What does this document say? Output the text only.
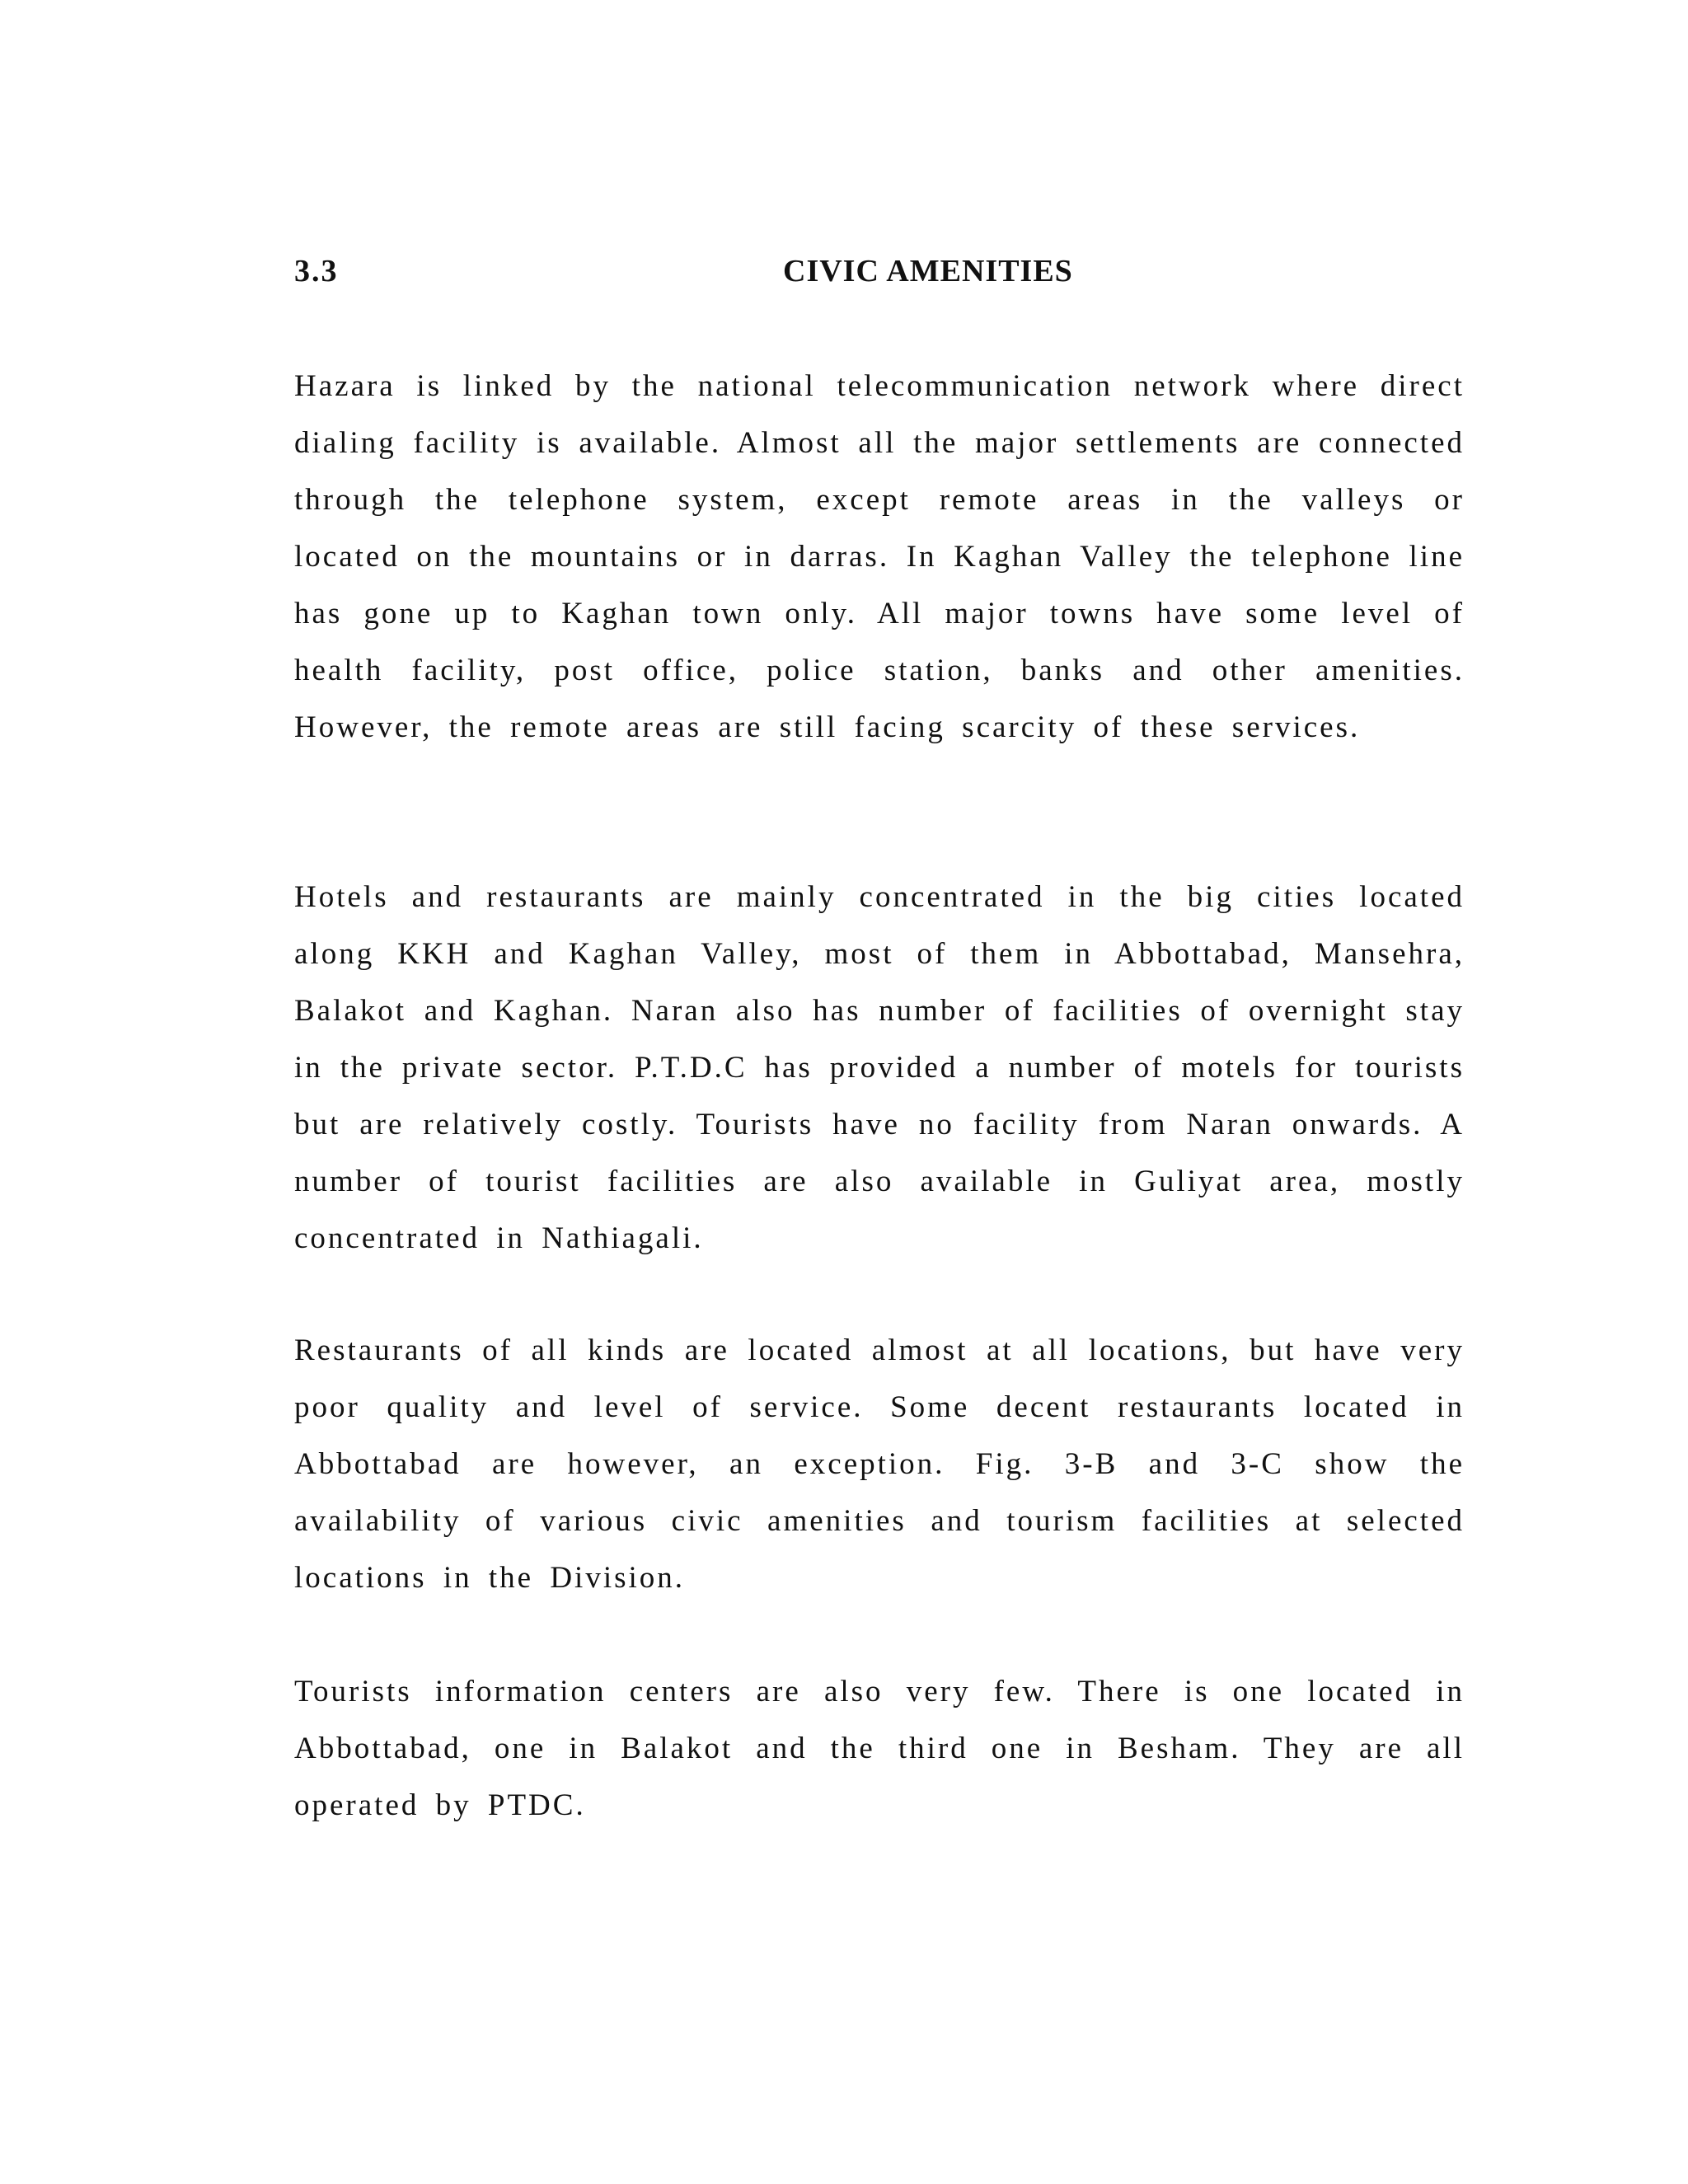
3.3	CIVIC AMENITIES

Hazara is linked by the national telecommunication network where direct dialing facility is available. Almost all the major settlements are connected through the telephone system, except remote areas in the valleys or located on the mountains or in darras. In Kaghan Valley the telephone line has gone up to Kaghan town only. All major towns have some level of health facility, post office, police station, banks and other amenities. However, the remote areas are still facing scarcity of these services.

Hotels and restaurants are mainly concentrated in the big cities located along KKH and Kaghan Valley, most of them in Abbottabad, Mansehra, Balakot and Kaghan. Naran also has number of facilities of overnight stay in the private sector. P.T.D.C has provided a number of motels for tourists but are relatively costly. Tourists have no facility from Naran onwards. A number of tourist facilities are also available in Guliyat area, mostly concentrated in Nathiagali.

Restaurants of all kinds are located almost at all locations, but have very poor quality and level of service. Some decent restaurants located in Abbottabad are however, an exception. Fig. 3-B and 3-C show the availability of various civic amenities and tourism facilities at selected locations in the Division.

Tourists information centers are also very few. There is one located in Abbottabad, one in Balakot and the third one in Besham. They are all operated by PTDC.
